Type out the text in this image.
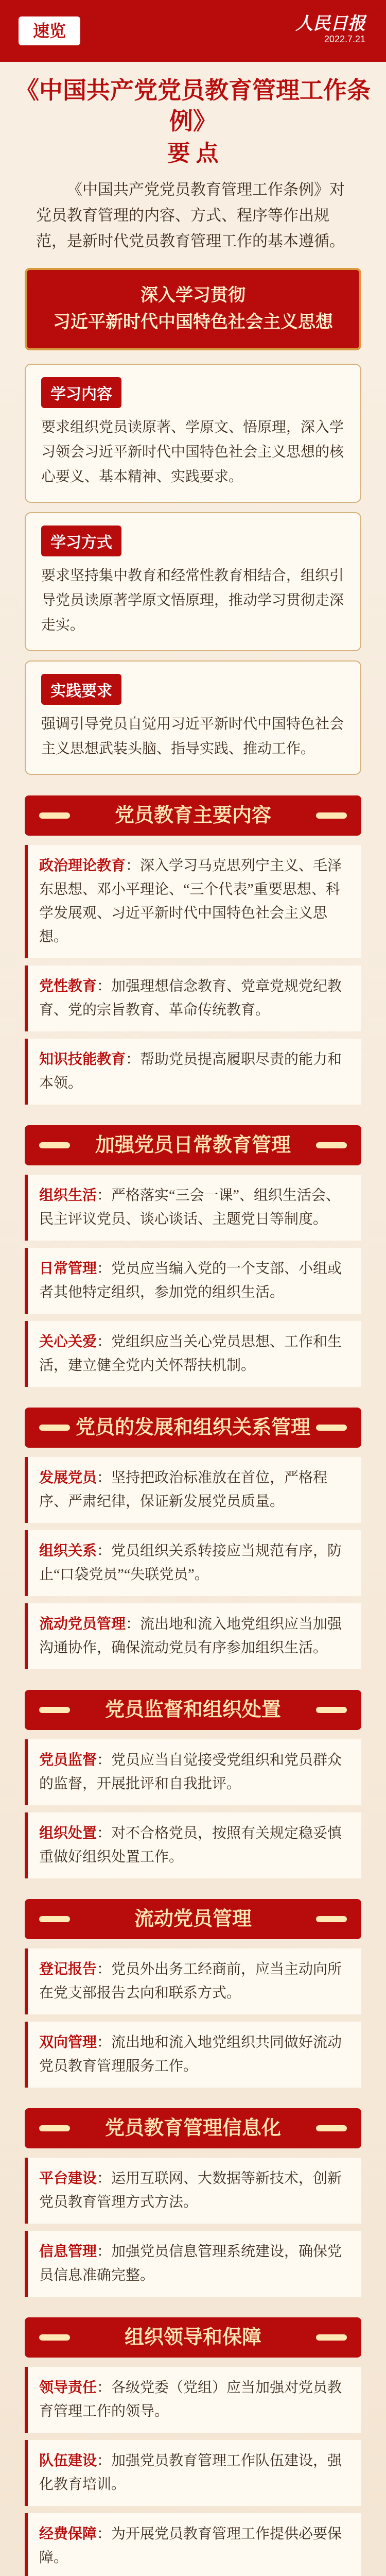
速览	人民日报
2022.7.21
《中国共产党党员教育管理工作条例》
要 点

《中国共产党党员教育管理工作条例》对党员教育管理的内容、方式、程序等作出规范，是新时代党员教育管理工作的基本遵循。

深入学习贯彻
习近平新时代中国特色社会主义思想
学习内容

要求组织党员读原著、学原文、悟原理，深入学习领会习近平新时代中国特色社会主义思想的核心要义、基本精神、实践要求。

学习方式

要求坚持集中教育和经常性教育相结合，组织引导党员读原著学原文悟原理，推动学习贯彻走深走实。

实践要求

强调引导党员自觉用习近平新时代中国特色社会主义思想武装头脑、指导实践、推动工作。

党员教育主要内容
政治理论教育：深入学习马克思列宁主义、毛泽东思想、邓小平理论、“三个代表”重要思想、科学发展观、习近平新时代中国特色社会主义思想。
党性教育：加强理想信念教育、党章党规党纪教育、党的宗旨教育、革命传统教育。
知识技能教育：帮助党员提高履职尽责的能力和本领。
加强党员日常教育管理
组织生活：严格落实“三会一课”、组织生活会、民主评议党员、谈心谈话、主题党日等制度。
日常管理：党员应当编入党的一个支部、小组或者其他特定组织，参加党的组织生活。
关心关爱：党组织应当关心党员思想、工作和生活，建立健全党内关怀帮扶机制。
党员的发展和组织关系管理
发展党员：坚持把政治标准放在首位，严格程序、严肃纪律，保证新发展党员质量。
组织关系：党员组织关系转接应当规范有序，防止“口袋党员”“失联党员”。
流动党员管理：流出地和流入地党组织应当加强沟通协作，确保流动党员有序参加组织生活。
党员监督和组织处置
党员监督：党员应当自觉接受党组织和党员群众的监督，开展批评和自我批评。
组织处置：对不合格党员，按照有关规定稳妥慎重做好组织处置工作。
流动党员管理
登记报告：党员外出务工经商前，应当主动向所在党支部报告去向和联系方式。
双向管理：流出地和流入地党组织共同做好流动党员教育管理服务工作。
党员教育管理信息化
平台建设：运用互联网、大数据等新技术，创新党员教育管理方式方法。
信息管理：加强党员信息管理系统建设，确保党员信息准确完整。
组织领导和保障
领导责任：各级党委（党组）应当加强对党员教育管理工作的领导。
队伍建设：加强党员教育管理工作队伍建设，强化教育培训。
经费保障：为开展党员教育管理工作提供必要保障。
